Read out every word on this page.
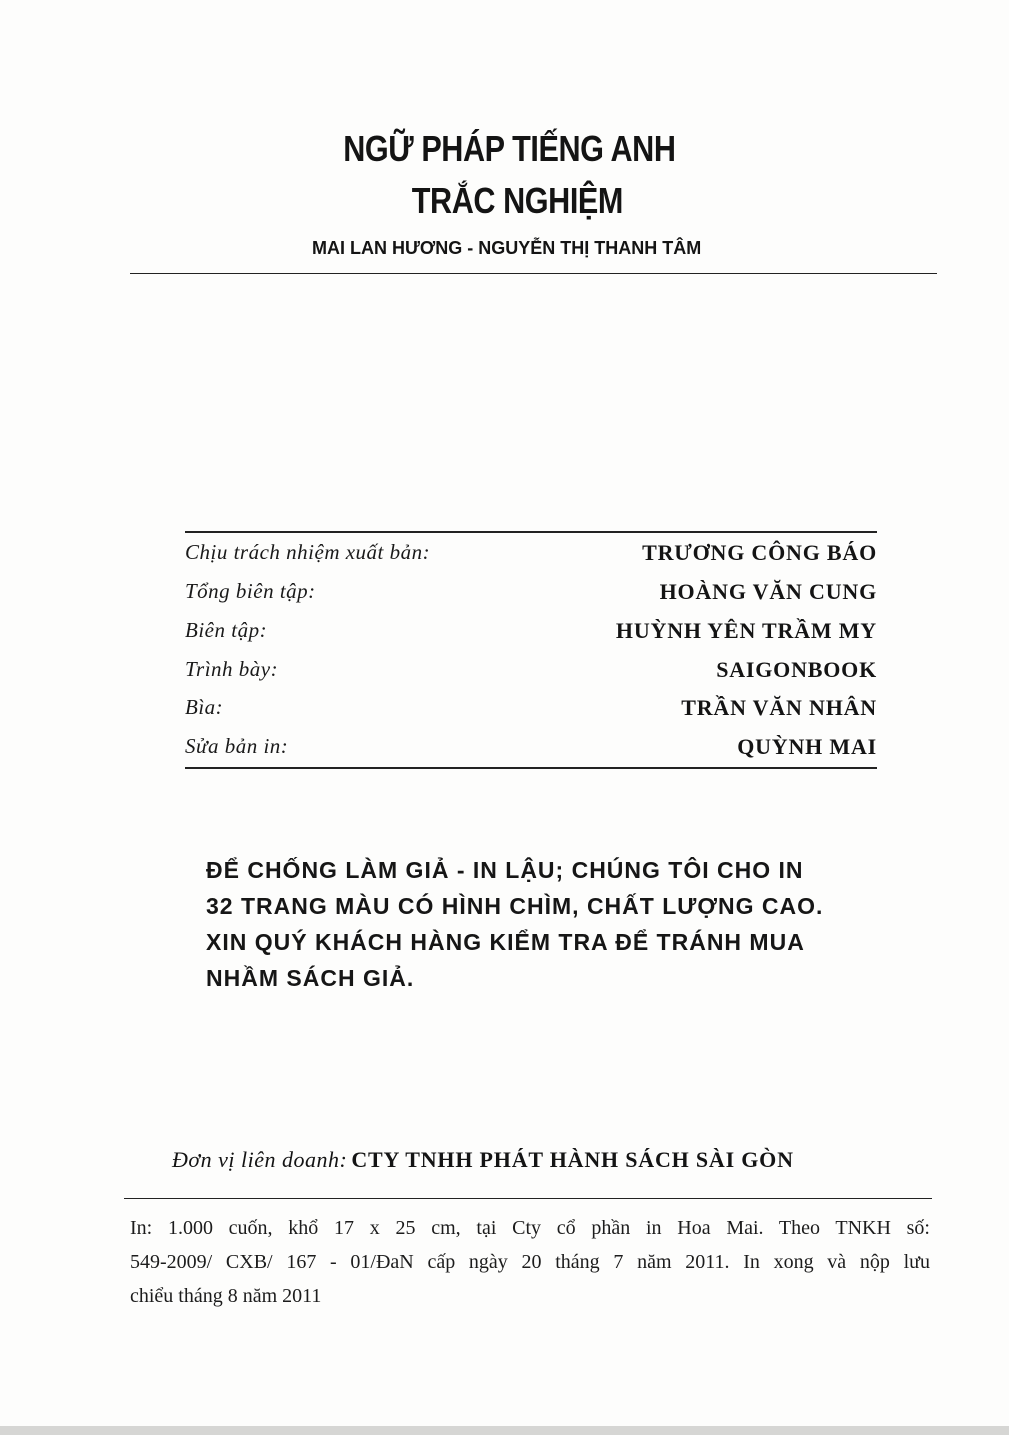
NGỮ PHÁP TIẾNG ANH
TRẮC NGHIỆM
MAI LAN HƯƠNG - NGUYỄN THỊ THANH TÂM
Chịu trách nhiệm xuất bản:	TRƯƠNG CÔNG BÁO
Tổng biên tập:	HOÀNG VĂN CUNG
Biên tập:	HUỲNH YÊN TRẦM MY
Trình bày:	SAIGONBOOK
Bìa:	TRẦN VĂN NHÂN
Sửa bản in:	QUỲNH MAI
ĐỂ CHỐNG LÀM GIẢ - IN LẬU; CHÚNG TÔI CHO IN
32 TRANG MÀU CÓ HÌNH CHÌM, CHẤT LƯỢNG CAO.
XIN QUÝ KHÁCH HÀNG KIỂM TRA ĐỂ TRÁNH MUA
NHẦM SÁCH GIẢ.
Đơn vị liên doanh: CTY TNHH PHÁT HÀNH SÁCH SÀI GÒN
In: 1.000 cuốn, khổ 17 x 25 cm, tại Cty cổ phần in Hoa Mai. Theo TNKH số:
549-2009/ CXB/ 167 - 01/ĐaN cấp ngày 20 tháng 7 năm 2011. In xong và nộp lưu
chiểu tháng 8 năm 2011
